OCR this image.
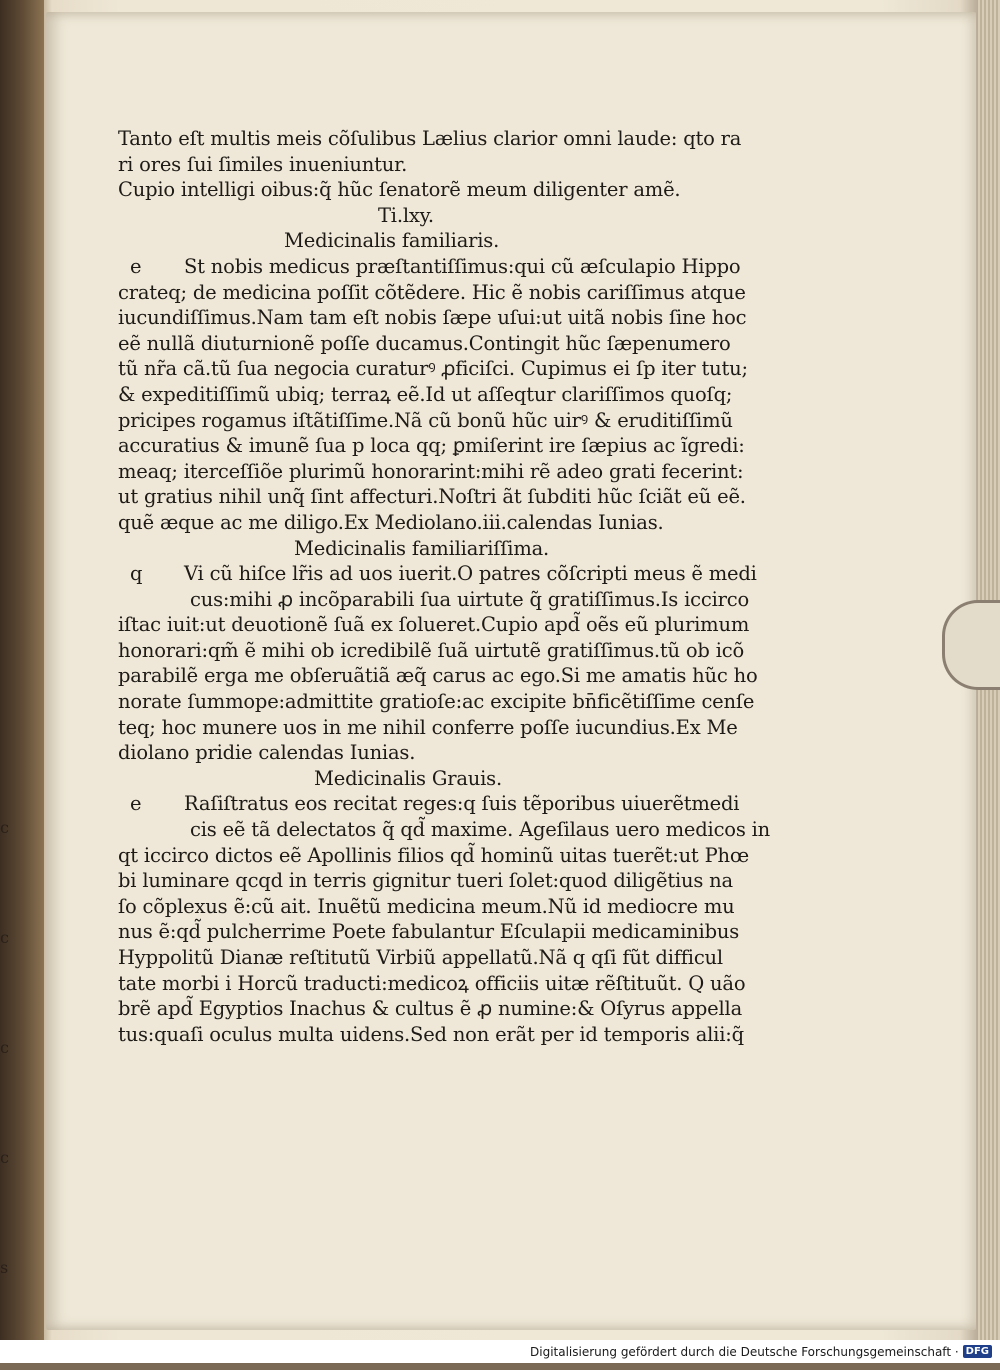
c
c
c
c
s
Tanto eſt multis meis cõſulibus Lælius clarior omni laude: qto ra
ri ores ſui ſimiles inueniuntur.
Cupio intelligi oibus:q̃ hũc ſenatorẽ meum diligenter amẽ.
Ti.lxy.
Medicinalis familiaris.
e St nobis medicus præſtantiſſimus:qui cũ æſculapio Hippo
crateq; de medicina poſſit cõtẽdere. Hic ẽ nobis cariſſimus atque
iucundiſſimus.Nam tam eſt nobis ſæpe uſui:ut uitã nobis ſine hoc
eẽ nullã diuturnionẽ poſſe ducamus.Contingit hũc ſæpenumero
tũ nr̃a cã.tũ ſua negocia curaturꝰ ꝓficiſci. Cupimus ei ſp iter tutu;
& expeditiſſimũ ubiq; terraꝝ eẽ.Id ut aſſeqtur clariſſimos quoſq;
pricipes rogamus iſtãtiſſime.Nã cũ bonũ hũc uirꝰ & eruditiſſimũ
accuratius & imunẽ ſua p loca qq; ꝑmiſerint ire ſæpius ac ĩgredi:
meaq; iterceſſiõe plurimũ honorarint:mihi rẽ adeo grati fecerint:
ut gratius nihil unq̃ ſint affecturi.Noſtri ãt ſubditi hũc ſciãt eũ eẽ.
quẽ æque ac me diligo.Ex Mediolano.iii.calendas Iunias.
Medicinalis familiariſſima.
q Vi cũ hiſce lr̃is ad uos iuerit.O patres cõſcripti meus ẽ medi
cus:mihi ꝓ incõparabili ſua uirtute q̃ gratiſſimus.Is iccirco
iſtac iuit:ut deuotionẽ ſuã ex ſolueret.Cupio apd̃ oẽs eũ plurimum
honorari:qm̃ ẽ mihi ob icredibilẽ ſuã uirtutẽ gratiſſimus.tũ ob icõ
parabilẽ erga me obſeruãtiã æq̃ carus ac ego.Si me amatis hũc ho
norate ſummope:admittite gratioſe:ac excipite bn̄ficẽtiſſime cenſe
teq; hoc munere uos in me nihil conferre poſſe iucundius.Ex Me
diolano pridie calendas Iunias.
Medicinalis Grauis.
e Raſiſtratus eos recitat reges:q ſuis tẽporibus uiuerẽtmedi
cis eẽ tã delectatos q̃ qd̃ maxime. Ageſilaus uero medicos in
qt iccirco dictos eẽ Apollinis filios qd̃ hominũ uitas tuerẽt:ut Phœ
bi luminare qcqd in terris gignitur tueri ſolet:quod diligẽtius na
ſo cõplexus ẽ:cũ ait. Inuẽtũ medicina meum.Nũ id mediocre mu
nus ẽ:qd̃ pulcherrime Poete fabulantur Eſculapii medicaminibus
Hyppolitũ Dianæ reſtitutũ Virbiũ appellatũ.Nã q qſi fũt difficul
tate morbi i Horcũ traducti:medicoꝝ officiis uitæ rẽſtituũt. Q uão
brẽ apd̃ Egyptios Inachus & cultus ẽ ꝓ numine:& Oſyrus appella
tus:quaſi oculus multa uidens.Sed non erãt per id temporis alii:q̃
Digitalisierung gefördert durch die Deutsche Forschungsgemeinschaft · DFG
